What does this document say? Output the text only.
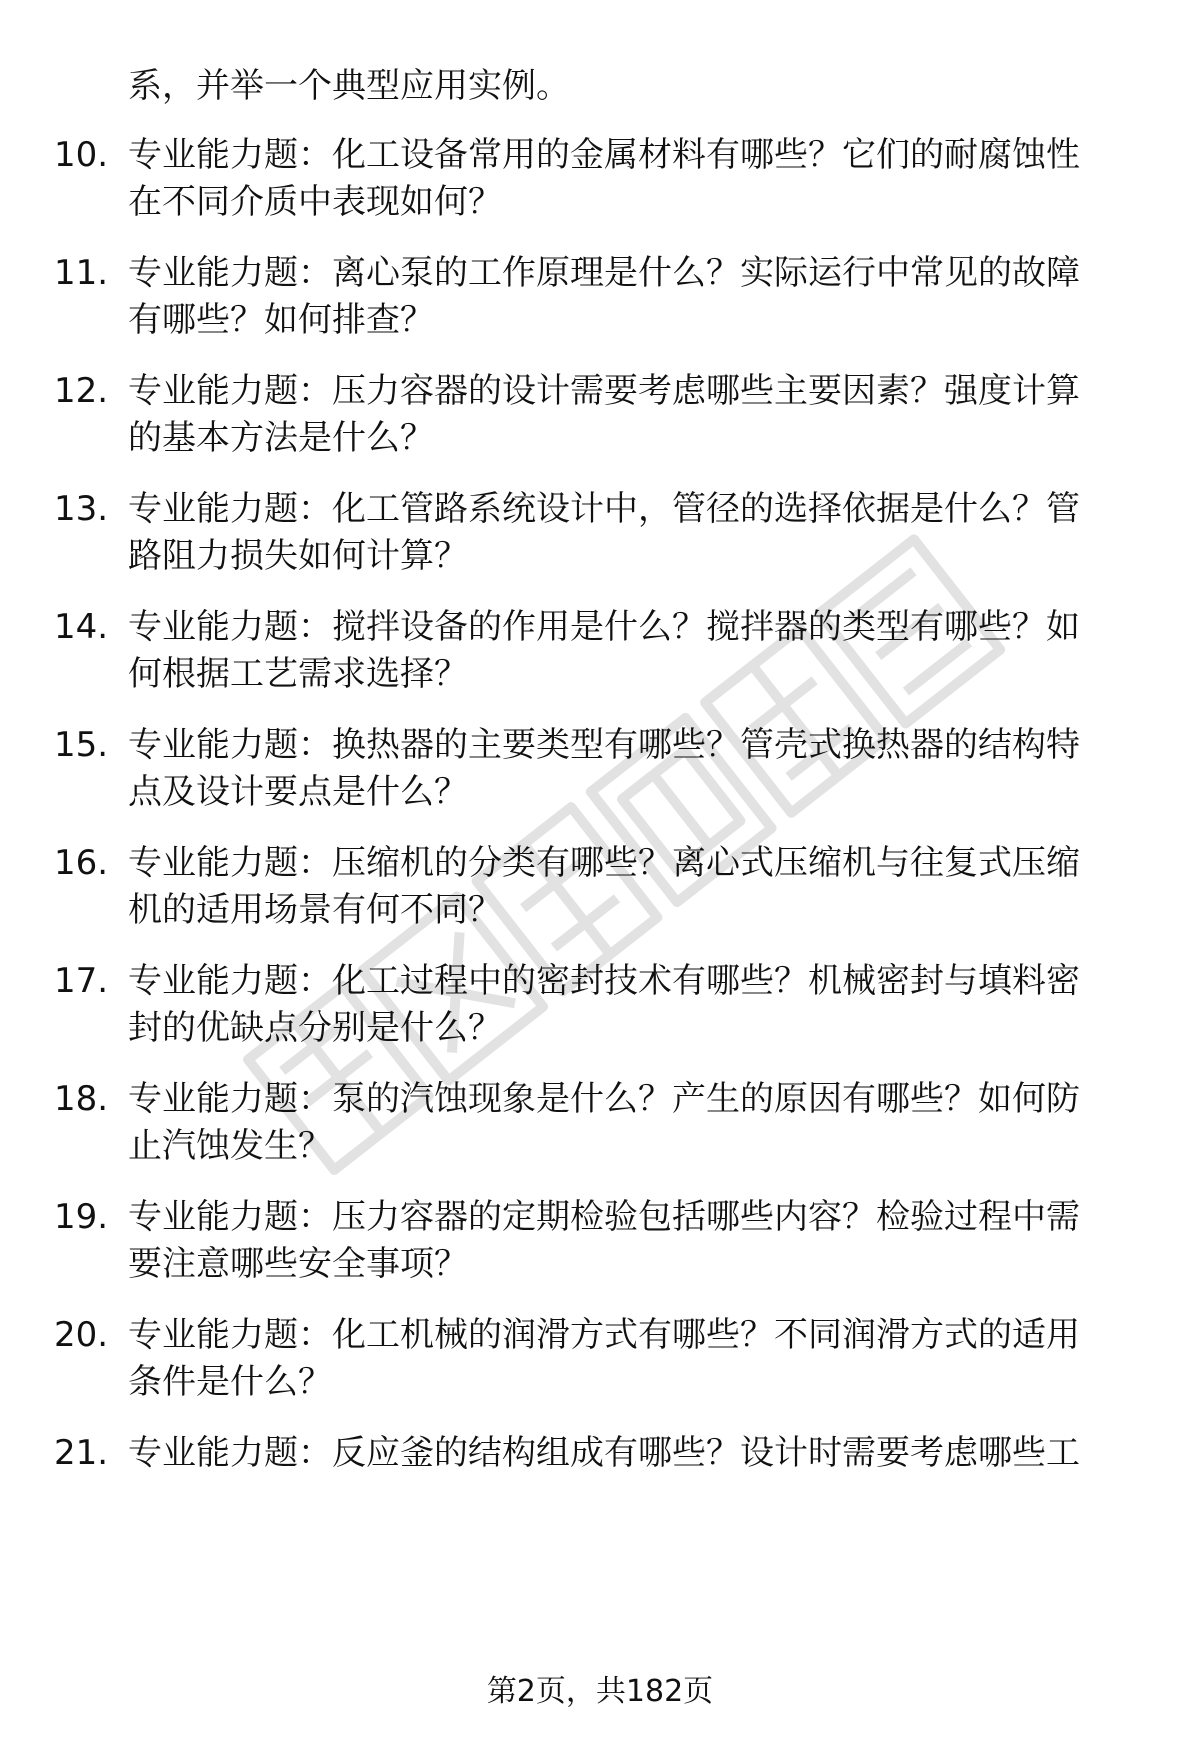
系，并举一个典型应用实例。
10. 专业能力题：化工设备常用的金属材料有哪些？它们的耐腐蚀性
在不同介质中表现如何？
11. 专业能力题：离心泵的工作原理是什么？实际运行中常见的故障
有哪些？如何排查？
12. 专业能力题：压力容器的设计需要考虑哪些主要因素？强度计算
的基本方法是什么？
13. 专业能力题：化工管路系统设计中，管径的选择依据是什么？管
路阻力损失如何计算？
14. 专业能力题：搅拌设备的作用是什么？搅拌器的类型有哪些？如
何根据工艺需求选择？
15. 专业能力题：换热器的主要类型有哪些？管壳式换热器的结构特
点及设计要点是什么？
16. 专业能力题：压缩机的分类有哪些？离心式压缩机与往复式压缩
机的适用场景有何不同？
17. 专业能力题：化工过程中的密封技术有哪些？机械密封与填料密
封的优缺点分别是什么？
18. 专业能力题：泵的汽蚀现象是什么？产生的原因有哪些？如何防
止汽蚀发生？
19. 专业能力题：压力容器的定期检验包括哪些内容？检验过程中需
要注意哪些安全事项？
20. 专业能力题：化工机械的润滑方式有哪些？不同润滑方式的适用
条件是什么？
21. 专业能力题：反应釜的结构组成有哪些？设计时需要考虑哪些工
第2页，共182页
